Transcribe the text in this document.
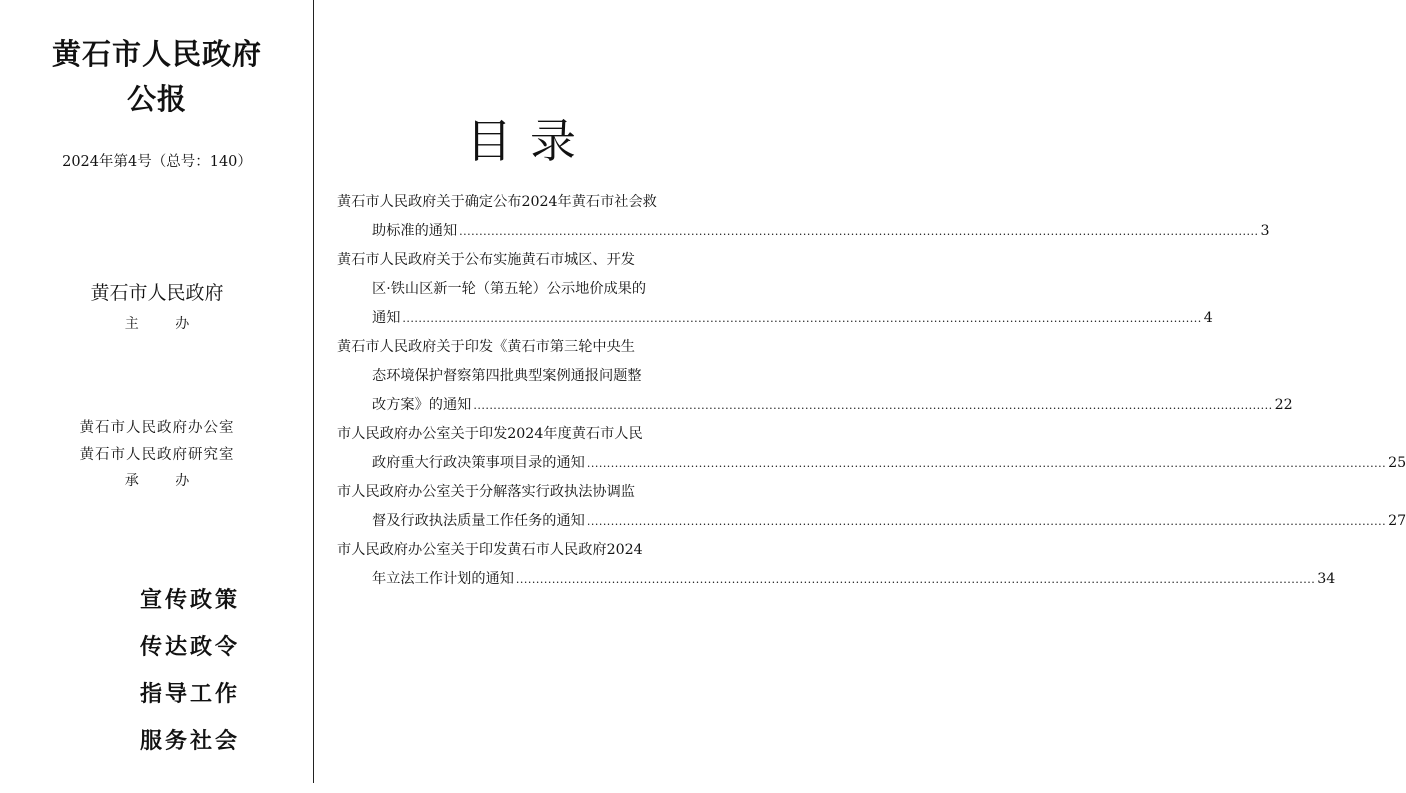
黄石市人民政府
公报
2024年第4号（总号：140）
黄石市人民政府
主 办
黄石市人民政府办公室
黄石市人民政府研究室
承 办
宣传政策
传达政令
指导工作
服务社会
目录
黄石市人民政府关于确定公布2024年黄石市社会救
助标准的通知 ........................................................................................................................................................................................................ 3
黄石市人民政府关于公布实施黄石市城区、开发
区·铁山区新一轮（第五轮）公示地价成果的
通知 ........................................................................................................................................................................................................ 4
黄石市人民政府关于印发《黄石市第三轮中央生
态环境保护督察第四批典型案例通报问题整
改方案》的通知 ........................................................................................................................................................................................................ 22
市人民政府办公室关于印发2024年度黄石市人民
政府重大行政决策事项目录的通知 ........................................................................................................................................................................................................ 25
市人民政府办公室关于分解落实行政执法协调监
督及行政执法质量工作任务的通知 ........................................................................................................................................................................................................ 27
市人民政府办公室关于印发黄石市人民政府2024
年立法工作计划的通知 ........................................................................................................................................................................................................ 34
